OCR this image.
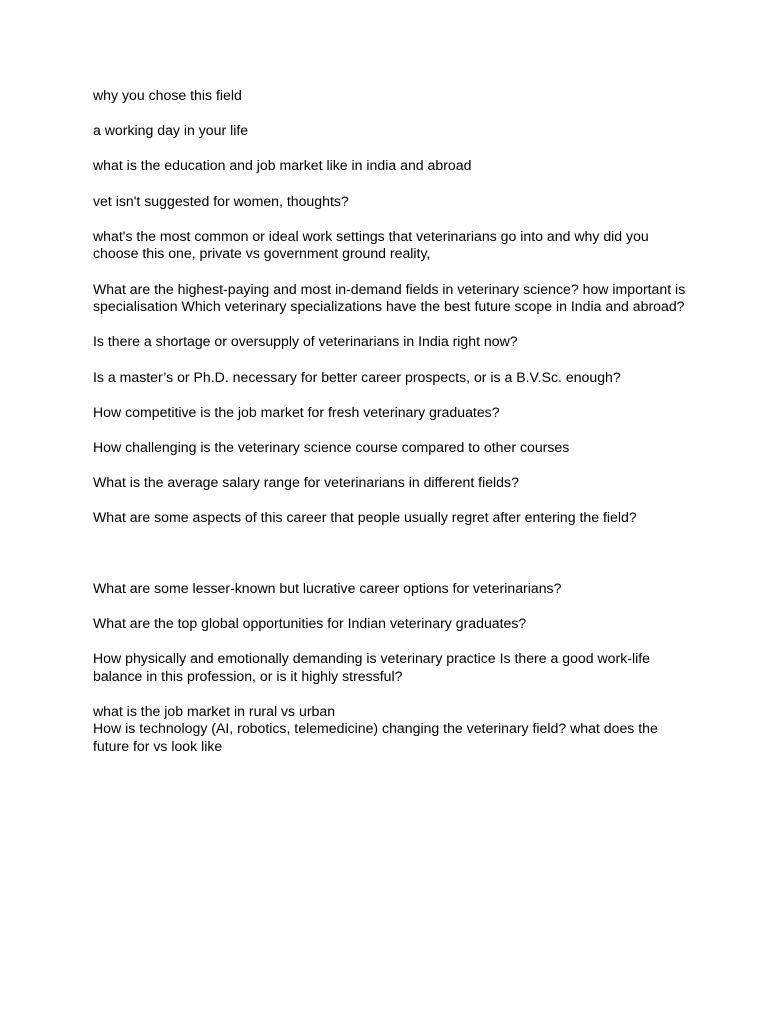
why you chose this field

a working day in your life

what is the education and job market like in india and abroad

vet isn't suggested for women, thoughts?

what's the most common or ideal work settings that veterinarians go into and why did you choose this one, private vs government ground reality,

What are the highest-paying and most in-demand fields in veterinary science? how important is specialisation Which veterinary specializations have the best future scope in India and abroad?

Is there a shortage or oversupply of veterinarians in India right now?

Is a master’s or Ph.D. necessary for better career prospects, or is a B.V.Sc. enough?

How competitive is the job market for fresh veterinary graduates?

How challenging is the veterinary science course compared to other courses

What is the average salary range for veterinarians in different fields?

What are some aspects of this career that people usually regret after entering the field?

What are some lesser-known but lucrative career options for veterinarians?

What are the top global opportunities for Indian veterinary graduates?

How physically and emotionally demanding is veterinary practice Is there a good work-life balance in this profession, or is it highly stressful?

what is the job market in rural vs urban

How is technology (AI, robotics, telemedicine) changing the veterinary field? what does the future for vs look like
